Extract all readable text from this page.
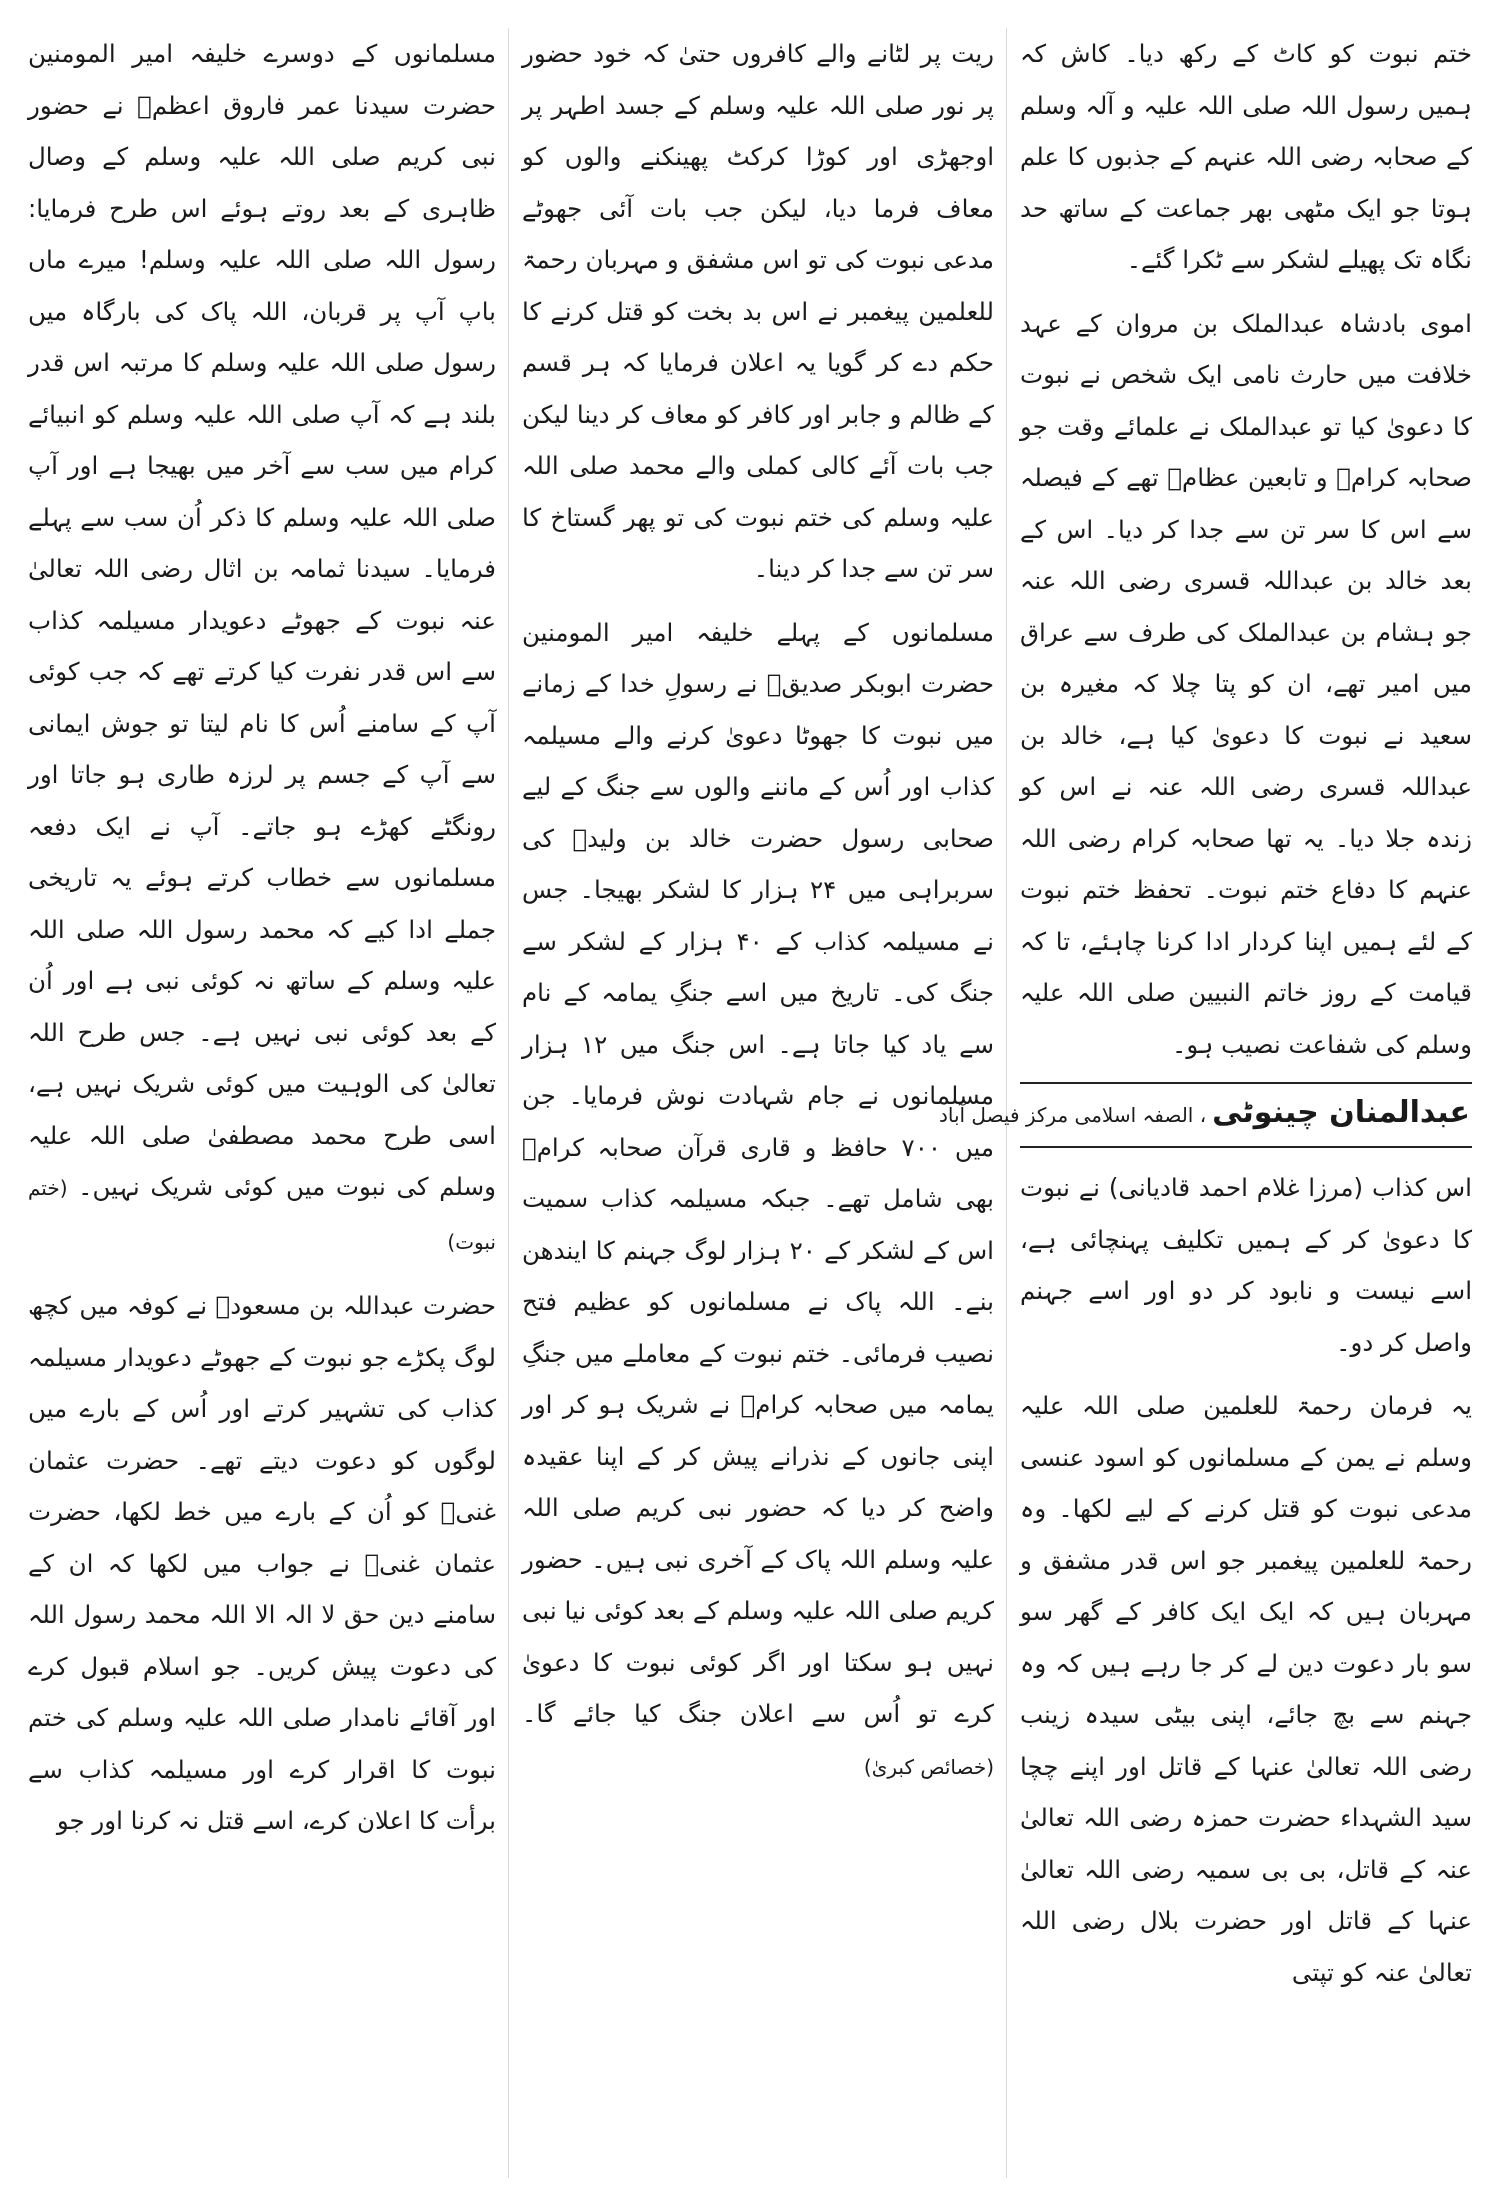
ختم نبوت کو کاٹ کے رکھ دیا۔ کاش کہ ہمیں رسول اللہ صلی اللہ علیہ و آلہ وسلم کے صحابہ رضی اللہ عنہم کے جذبوں کا علم ہوتا جو ایک مٹھی بھر جماعت کے ساتھ حد نگاہ تک پھیلے لشکر سے ٹکرا گئے۔

اموی بادشاہ عبدالملک بن مروان کے عہد خلافت میں حارث نامی ایک شخص نے نبوت کا دعویٰ کیا تو عبدالملک نے علمائے وقت جو صحابہ کرامؓ و تابعین عظامؒ تھے کے فیصلہ سے اس کا سر تن سے جدا کر دیا۔ اس کے بعد خالد بن عبداللہ قسری رضی اللہ عنہ جو ہشام بن عبدالملک کی طرف سے عراق میں امیر تھے، ان کو پتا چلا کہ مغیرہ بن سعید نے نبوت کا دعویٰ کیا ہے، خالد بن عبداللہ قسری رضی اللہ عنہ نے اس کو زندہ جلا دیا۔ یہ تھا صحابہ کرام رضی اللہ عنہم کا دفاع ختم نبوت۔ تحفظ ختم نبوت کے لئے ہمیں اپنا کردار ادا کرنا چاہئے، تا کہ قیامت کے روز خاتم النبیین صلی اللہ علیہ وسلم کی شفاعت نصیب ہو۔

عبدالمنان چینوٹی، الصفہ اسلامی مرکز فیصل آباد

اس کذاب (مرزا غلام احمد قادیانی) نے نبوت کا دعویٰ کر کے ہمیں تکلیف پہنچائی ہے، اسے نیست و نابود کر دو اور اسے جہنم واصل کر دو۔

یہ فرمان رحمۃ للعلمین صلی اللہ علیہ وسلم نے یمن کے مسلمانوں کو اسود عنسی مدعی نبوت کو قتل کرنے کے لیے لکھا۔ وہ رحمۃ للعلمین پیغمبر جو اس قدر مشفق و مہربان ہیں کہ ایک ایک کافر کے گھر سو سو بار دعوت دین لے کر جا رہے ہیں کہ وہ جہنم سے بچ جائے، اپنی بیٹی سیدہ زینب رضی اللہ تعالیٰ عنہا کے قاتل اور اپنے چچا سید الشہداء حضرت حمزہ رضی اللہ تعالیٰ عنہ کے قاتل، بی بی سمیہ رضی اللہ تعالیٰ عنہا کے قاتل اور حضرت بلال رضی اللہ تعالیٰ عنہ کو تپتی

ریت پر لٹانے والے کافروں حتیٰ کہ خود حضور پر نور صلی اللہ علیہ وسلم کے جسد اطہر پر اوجھڑی اور کوڑا کرکٹ پھینکنے والوں کو معاف فرما دیا، لیکن جب بات آئی جھوٹے مدعی نبوت کی تو اس مشفق و مہربان رحمۃ للعلمین پیغمبر نے اس بد بخت کو قتل کرنے کا حکم دے کر گویا یہ اعلان فرمایا کہ ہر قسم کے ظالم و جابر اور کافر کو معاف کر دینا لیکن جب بات آئے کالی کملی والے محمد صلی اللہ علیہ وسلم کی ختم نبوت کی تو پھر گستاخ کا سر تن سے جدا کر دینا۔

مسلمانوں کے پہلے خلیفہ امیر المومنین حضرت ابوبکر صدیقؓ نے رسولِ خدا کے زمانے میں نبوت کا جھوٹا دعویٰ کرنے والے مسیلمہ کذاب اور اُس کے ماننے والوں سے جنگ کے لیے صحابی رسول حضرت خالد بن ولیدؓ کی سربراہی میں ۲۴ ہزار کا لشکر بھیجا۔ جس نے مسیلمہ کذاب کے ۴۰ ہزار کے لشکر سے جنگ کی۔ تاریخ میں اسے جنگِ یمامہ کے نام سے یاد کیا جاتا ہے۔ اس جنگ میں ۱۲ ہزار مسلمانوں نے جام شہادت نوش فرمایا۔ جن میں ۷۰۰ حافظ و قاری قرآن صحابہ کرامؓ بھی شامل تھے۔ جبکہ مسیلمہ کذاب سمیت اس کے لشکر کے ۲۰ ہزار لوگ جہنم کا ایندھن بنے۔ اللہ پاک نے مسلمانوں کو عظیم فتح نصیب فرمائی۔ ختم نبوت کے معاملے میں جنگِ یمامہ میں صحابہ کرامؓ نے شریک ہو کر اور اپنی جانوں کے نذرانے پیش کر کے اپنا عقیدہ واضح کر دیا کہ حضور نبی کریم صلی اللہ علیہ وسلم اللہ پاک کے آخری نبی ہیں۔ حضور کریم صلی اللہ علیہ وسلم کے بعد کوئی نیا نبی نہیں ہو سکتا اور اگر کوئی نبوت کا دعویٰ کرے تو اُس سے اعلان جنگ کیا جائے گا۔ (خصائص کبریٰ)

مسلمانوں کے دوسرے خلیفہ امیر المومنین حضرت سیدنا عمر فاروق اعظمؓ نے حضور نبی کریم صلی اللہ علیہ وسلم کے وصال ظاہری کے بعد روتے ہوئے اس طرح فرمایا: رسول اللہ صلی اللہ علیہ وسلم! میرے ماں باپ آپ پر قربان، اللہ پاک کی بارگاہ میں رسول صلی اللہ علیہ وسلم کا مرتبہ اس قدر بلند ہے کہ آپ صلی اللہ علیہ وسلم کو انبیائے کرام میں سب سے آخر میں بھیجا ہے اور آپ صلی اللہ علیہ وسلم کا ذکر اُن سب سے پہلے فرمایا۔ سیدنا ثمامہ بن اثال رضی اللہ تعالیٰ عنہ نبوت کے جھوٹے دعویدار مسیلمہ کذاب سے اس قدر نفرت کیا کرتے تھے کہ جب کوئی آپ کے سامنے اُس کا نام لیتا تو جوش ایمانی سے آپ کے جسم پر لرزہ طاری ہو جاتا اور رونگٹے کھڑے ہو جاتے۔ آپ نے ایک دفعہ مسلمانوں سے خطاب کرتے ہوئے یہ تاریخی جملے ادا کیے کہ محمد رسول اللہ صلی اللہ علیہ وسلم کے ساتھ نہ کوئی نبی ہے اور اُن کے بعد کوئی نبی نہیں ہے۔ جس طرح اللہ تعالیٰ کی الوہیت میں کوئی شریک نہیں ہے، اسی طرح محمد مصطفیٰ صلی اللہ علیہ وسلم کی نبوت میں کوئی شریک نہیں۔ (ختم نبوت)

حضرت عبداللہ بن مسعودؓ نے کوفہ میں کچھ لوگ پکڑے جو نبوت کے جھوٹے دعویدار مسیلمہ کذاب کی تشہیر کرتے اور اُس کے بارے میں لوگوں کو دعوت دیتے تھے۔ حضرت عثمان غنیؓ کو اُن کے بارے میں خط لکھا، حضرت عثمان غنیؓ نے جواب میں لکھا کہ ان کے سامنے دین حق لا الہ الا اللہ محمد رسول اللہ کی دعوت پیش کریں۔ جو اسلام قبول کرے اور آقائے نامدار صلی اللہ علیہ وسلم کی ختم نبوت کا اقرار کرے اور مسیلمہ کذاب سے برأت کا اعلان کرے، اسے قتل نہ کرنا اور جو
